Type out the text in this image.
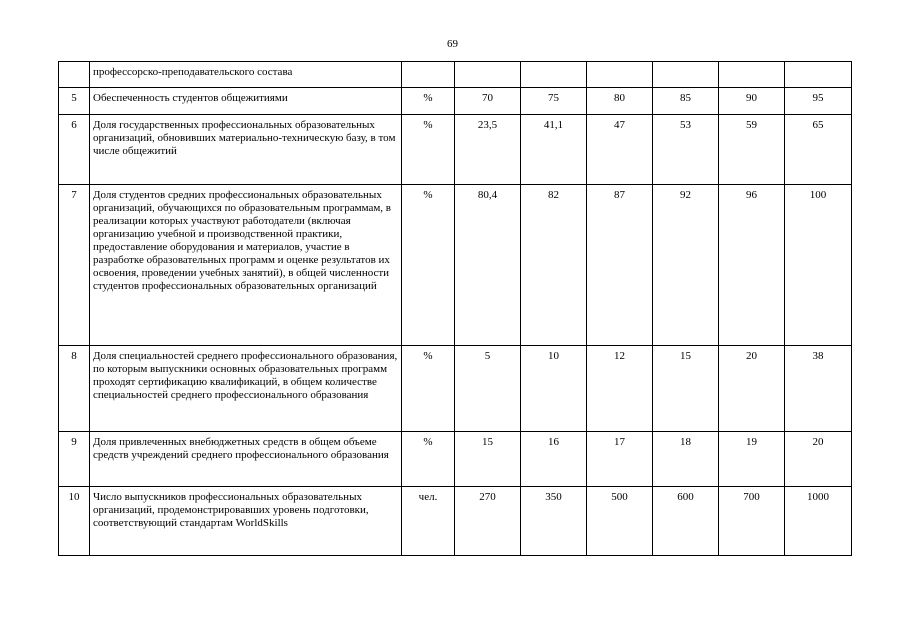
69
	профессорско-преподавательского состава							
5	Обеспеченность студентов общежитиями	%	70	75	80	85	90	95
6	Доля государственных профессиональных образовательных организаций, обновивших материально-техническую базу, в том числе общежитий	%	23,5	41,1	47	53	59	65
7	Доля студентов средних профессиональных образовательных организаций, обучающихся по образовательным программам, в реализации которых участвуют работодатели (включая организацию учебной и производственной практики, предоставление оборудования и материалов, участие в разработке образовательных программ и оценке результатов их освоения, проведении учебных занятий), в общей численности студентов профессиональных образовательных организаций	%	80,4	82	87	92	96	100
8	Доля специальностей среднего профессионального образования, по которым выпускники основных образовательных программ проходят сертификацию квалификаций, в общем количестве специальностей среднего профессионального образования	%	5	10	12	15	20	38
9	Доля привлеченных внебюджетных средств в общем объеме средств учреждений среднего профессионального образования	%	15	16	17	18	19	20
10	Число выпускников профессиональных образовательных организаций, продемонстрировавших уровень подготовки, соответствующий стандартам WorldSkills	чел.	270	350	500	600	700	1000
